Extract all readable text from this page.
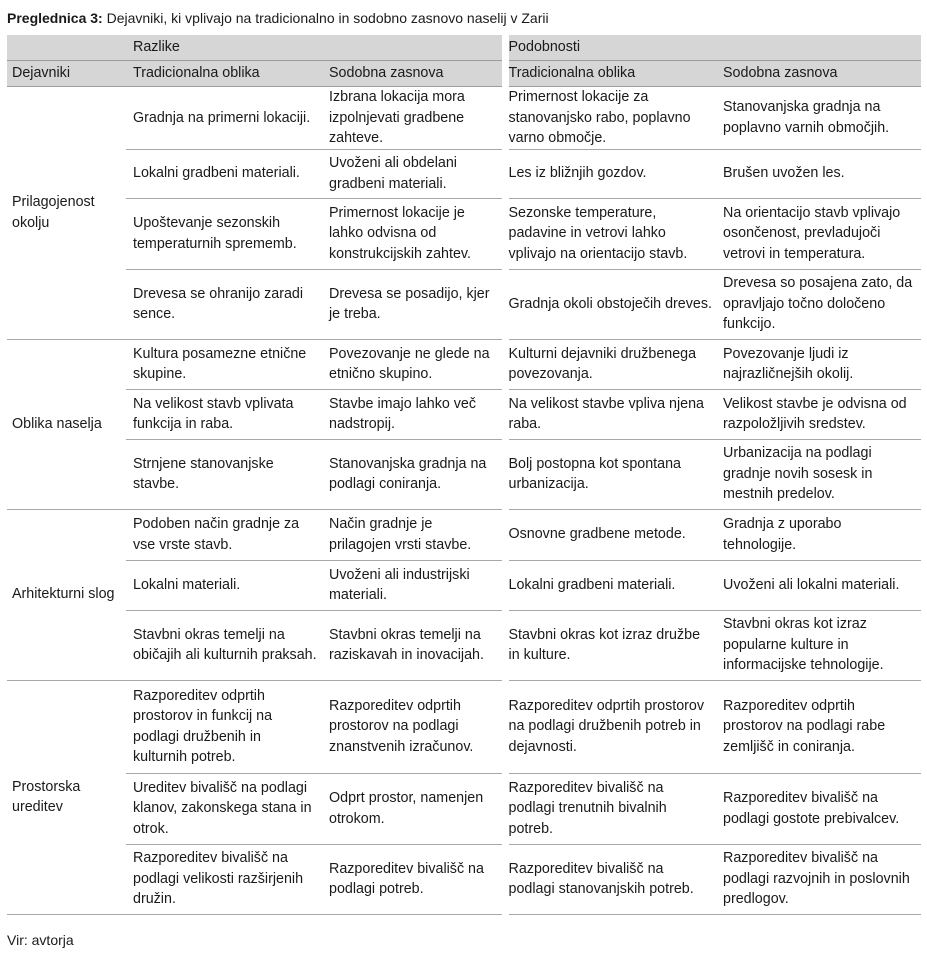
Preglednica 3: Dejavniki, ki vplivajo na tradicionalno in sodobno zasnovo naselij v Zarii
	Razlike		Podobnosti	
Dejavniki	Tradicionalna oblika	Sodobna zasnova	Tradicionalna oblika	Sodobna zasnova
Prilagojenost okolju	Gradnja na primerni lokaciji.	Izbrana lokacija mora izpolnjevati gradbene zahteve.	Primernost lokacije za stanovanjsko rabo, poplavno varno območje.	Stanovanjska gradnja na poplavno varnih območjih.
	Lokalni gradbeni materiali.	Uvoženi ali obdelani gradbeni materiali.	Les iz bližnjih gozdov.	Brušen uvožen les.
	Upoštevanje sezonskih temperaturnih sprememb.	Primernost lokacije je lahko odvisna od konstrukcijskih zahtev.	Sezonske temperature, padavine in vetrovi lahko vplivajo na orientacijo stavb.	Na orientacijo stavb vplivajo osončenost, prevladujoči vetrovi in temperatura.
	Drevesa se ohranijo zaradi sence.	Drevesa se posadijo, kjer je treba.	Gradnja okoli obstoječih dreves.	Drevesa so posajena zato, da opravljajo točno določeno funkcijo.
Oblika naselja	Kultura posamezne etnične skupine.	Povezovanje ne glede na etnično skupino.	Kulturni dejavniki družbenega povezovanja.	Povezovanje ljudi iz najrazličnejših okolij.
	Na velikost stavb vplivata funkcija in raba.	Stavbe imajo lahko več nadstropij.	Na velikost stavbe vpliva njena raba.	Velikost stavbe je odvisna od razpoložljivih sredstev.
	Strnjene stanovanjske stavbe.	Stanovanjska gradnja na podlagi coniranja.	Bolj postopna kot spontana urbanizacija.	Urbanizacija na podlagi gradnje novih sosesk in mestnih predelov.
Arhitekturni slog	Podoben način gradnje za vse vrste stavb.	Način gradnje je prilagojen vrsti stavbe.	Osnovne gradbene metode.	Gradnja z uporabo tehnologije.
	Lokalni materiali.	Uvoženi ali industrijski materiali.	Lokalni gradbeni materiali.	Uvoženi ali lokalni materiali.
	Stavbni okras temelji na običajih ali kulturnih praksah.	Stavbni okras temelji na raziskavah in inovacijah.	Stavbni okras kot izraz družbe in kulture.	Stavbni okras kot izraz popularne kulture in informacijske tehnologije.
Prostorska ureditev	Razporeditev odprtih prostorov in funkcij na podlagi družbenih in kulturnih potreb.	Razporeditev odprtih prostorov na podlagi znanstvenih izračunov.	Razporeditev odprtih prostorov na podlagi družbenih potreb in dejavnosti.	Razporeditev odprtih prostorov na podlagi rabe zemljišč in coniranja.
	Ureditev bivališč na podlagi klanov, zakonskega stana in otrok.	Odprt prostor, namenjen otrokom.	Razporeditev bivališč na podlagi trenutnih bivalnih potreb.	Razporeditev bivališč na podlagi gostote prebivalcev.
	Razporeditev bivališč na podlagi velikosti razširjenih družin.	Razporeditev bivališč na podlagi potreb.	Razporeditev bivališč na podlagi stanovanjskih potreb.	Razporeditev bivališč na podlagi razvojnih in poslovnih predlogov.
Vir: avtorja
